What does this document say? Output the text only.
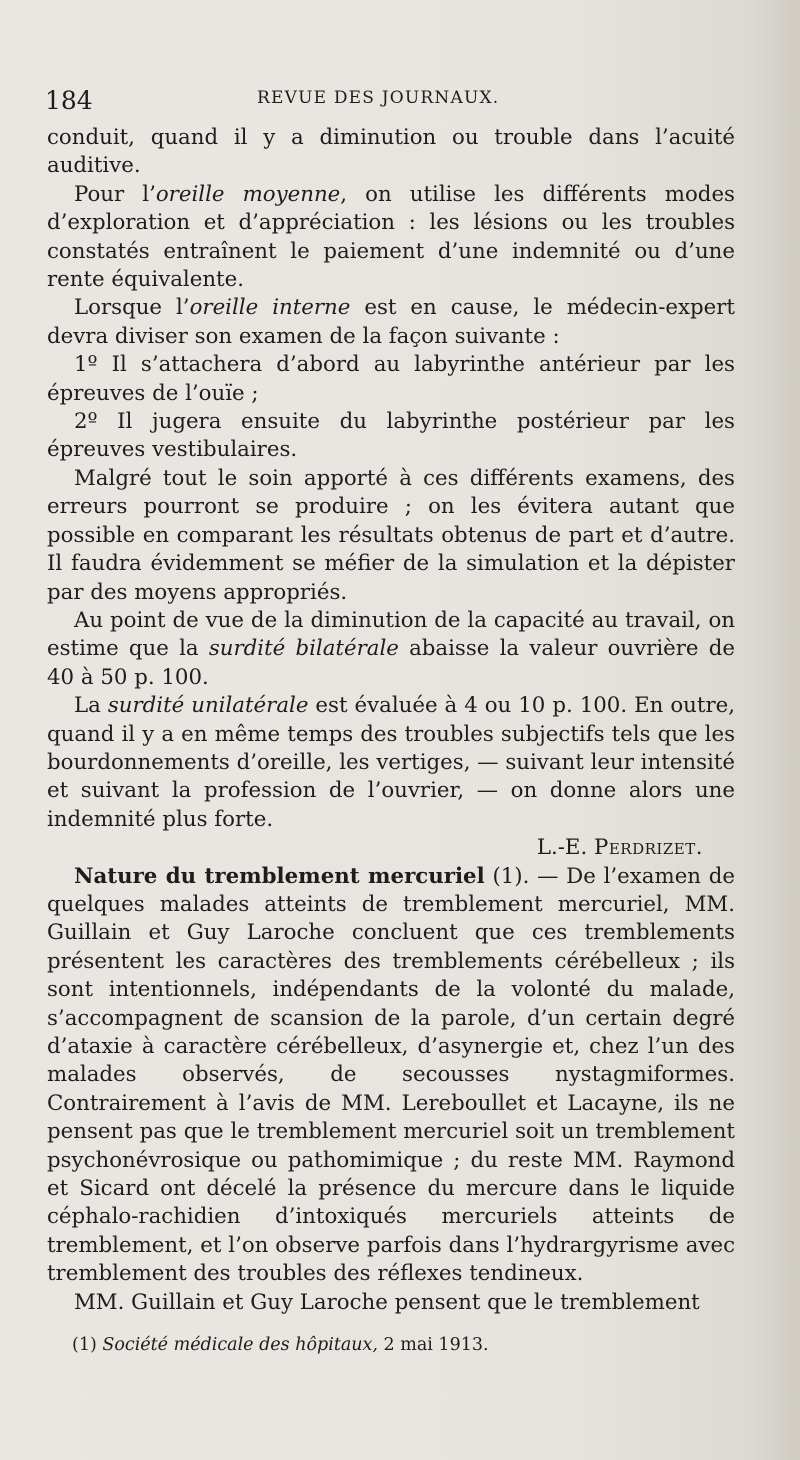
184	REVUE DES JOURNAUX.

conduit, quand il y a diminution ou trouble dans l’acuité auditive.

Pour l’oreille moyenne, on utilise les différents modes d’exploration et d’appréciation : les lésions ou les troubles constatés entraînent le paiement d’une indemnité ou d’une rente équivalente.

Lorsque l’oreille interne est en cause, le médecin-expert devra diviser son examen de la façon suivante :

1º Il s’attachera d’abord au labyrinthe antérieur par les épreuves de l’ouïe ;

2º Il jugera ensuite du labyrinthe postérieur par les épreuves vestibulaires.

Malgré tout le soin apporté à ces différents examens, des erreurs pourront se produire ; on les évitera autant que possible en comparant les résultats obtenus de part et d’autre. Il faudra évidemment se méfier de la simulation et la dépister par des moyens appropriés.

Au point de vue de la diminution de la capacité au travail, on estime que la surdité bilatérale abaisse la valeur ouvrière de 40 à 50 p. 100.

La surdité unilatérale est évaluée à 4 ou 10 p. 100. En outre, quand il y a en même temps des troubles subjectifs tels que les bourdonnements d’oreille, les vertiges, — suivant leur intensité et suivant la profession de l’ouvrier, — on donne alors une indemnité plus forte.

L.-E. Perdrizet.

Nature du tremblement mercuriel (1). — De l’examen de quelques malades atteints de tremblement mercuriel, MM. Guillain et Guy Laroche concluent que ces tremblements présentent les caractères des tremblements cérébelleux ; ils sont intentionnels, indépendants de la volonté du malade, s’accompagnent de scansion de la parole, d’un certain degré d’ataxie à caractère cérébelleux, d’asynergie et, chez l’un des malades observés, de secousses nystagmiformes. Contrairement à l’avis de MM. Lereboullet et Lacayne, ils ne pensent pas que le tremblement mercuriel soit un tremblement psychonévrosique ou pathomimique ; du reste MM. Raymond et Sicard ont décelé la présence du mercure dans le liquide céphalo-rachidien d’intoxiqués mercuriels atteints de tremblement, et l’on observe parfois dans l’hydrargyrisme avec tremblement des troubles des réflexes tendineux.

MM. Guillain et Guy Laroche pensent que le tremblement

(1) Société médicale des hôpitaux, 2 mai 1913.
